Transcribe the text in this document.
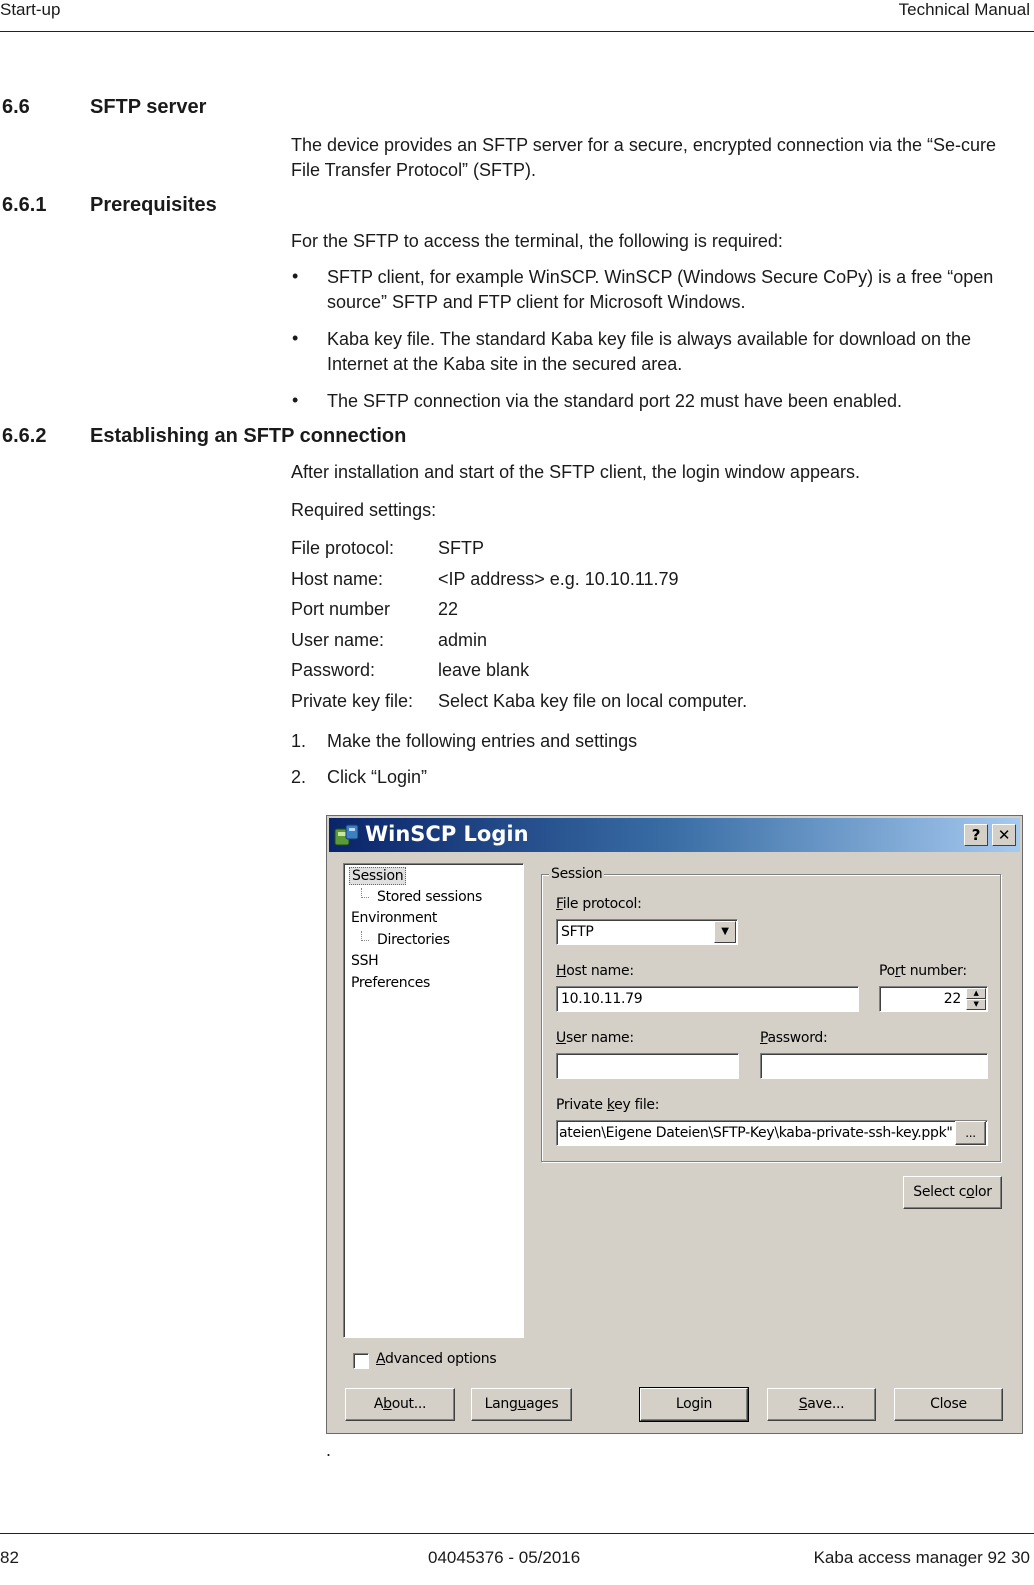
Start-up	Technical Manual
6.6	SFTP server
The device provides an SFTP server for a secure, encrypted connection via the “Se-cure File Transfer Protocol” (SFTP).
6.6.1 Prerequisites
For the SFTP to access the terminal, the following is required:
• SFTP client, for example WinSCP. WinSCP (Windows Secure CoPy) is a free “open source” SFTP and FTP client for Microsoft Windows.
• Kaba key file. The standard Kaba key file is always available for download on the Internet at the Kaba site in the secured area.
• The SFTP connection via the standard port 22 must have been enabled.
6.6.2 Establishing an SFTP connection
After installation and start of the SFTP client, the login window appears.
Required settings:
File protocol: SFTP
Host name:	<IP address> e.g. 10.10.11.79
Port number	22
User name:	admin
Password:	leave blank
Private key file: Select Kaba key file on local computer.
1. Make the following entries and settings
2. Click “Login”
WinSCP Login	?	✕
Session
Stored sessions
Environment
Directories
SSH
Preferences
Session
File protocol:
SFTP	▼
Host name:
10.10.11.79
Port number:
22	▲
▼
User name:	Password:
Private key file:
ateien\Eigene Dateien\SFTP-Key\kaba-private-ssh-key.ppk"	...
Select color
Advanced options
About...	Languages	Login	Save...	Close
.
82	04045376 - 05/2016	Kaba access manager 92 30
